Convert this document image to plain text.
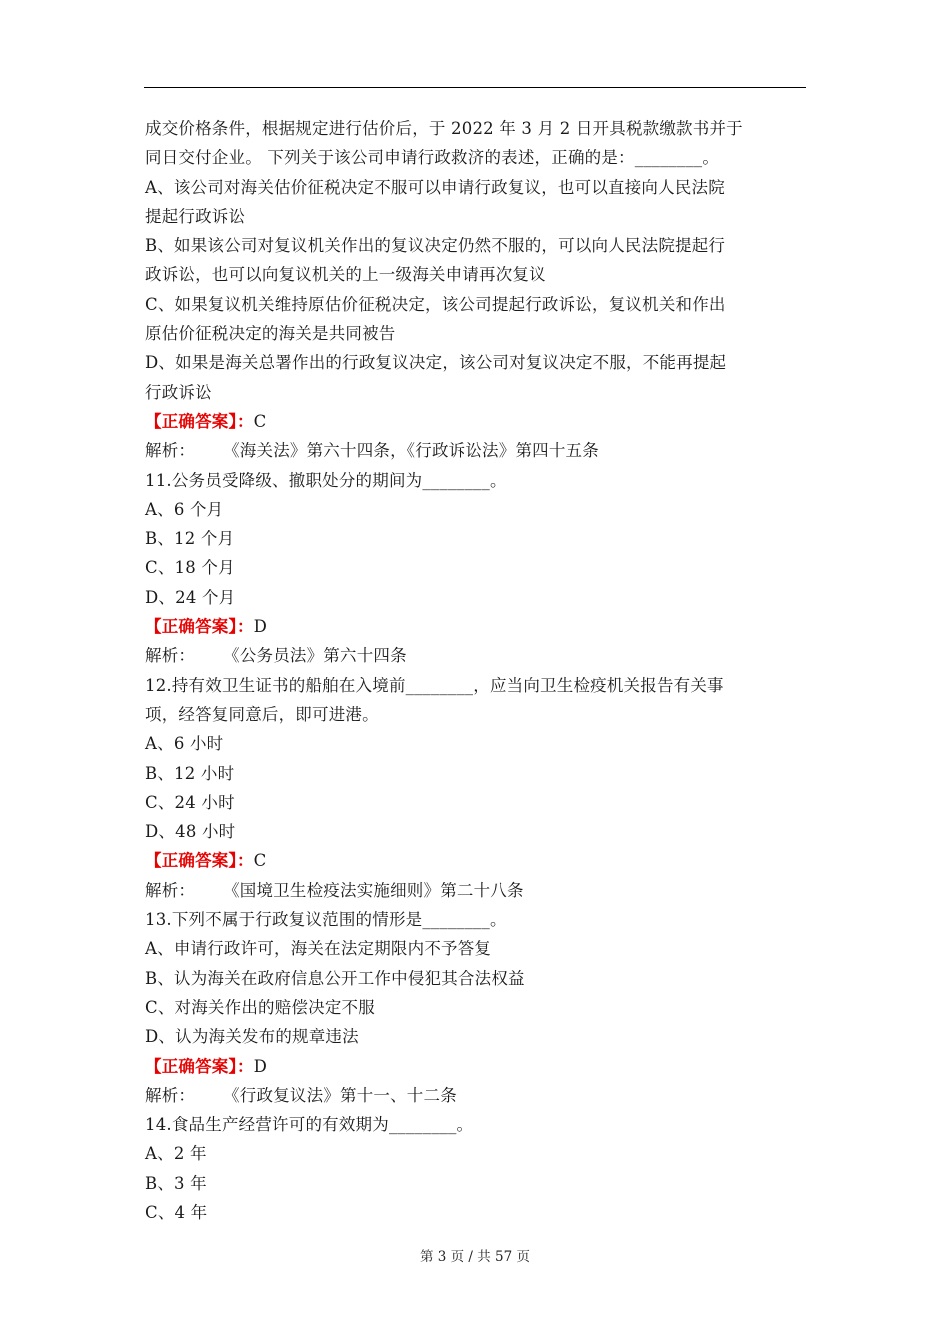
成交价格条件，根据规定进行估价后，于 2022 年 3 月 2 日开具税款缴款书并于
同日交付企业。 下列关于该公司申请行政救济的表述，正确的是：________。
A、该公司对海关估价征税决定不服可以申请行政复议，也可以直接向人民法院
提起行政诉讼
B、如果该公司对复议机关作出的复议决定仍然不服的，可以向人民法院提起行
政诉讼，也可以向复议机关的上一级海关申请再次复议
C、如果复议机关维持原估价征税决定，该公司提起行政诉讼，复议机关和作出
原估价征税决定的海关是共同被告
D、如果是海关总署作出的行政复议决定，该公司对复议决定不服，不能再提起
行政诉讼
【正确答案】：C
解析： 《海关法》第六十四条，《行政诉讼法》第四十五条
11.公务员受降级、撤职处分的期间为________。
A、6 个月
B、12 个月
C、18 个月
D、24 个月
【正确答案】：D
解析： 《公务员法》第六十四条
12.持有效卫生证书的船舶在入境前________，应当向卫生检疫机关报告有关事
项，经答复同意后，即可进港。
A、6 小时
B、12 小时
C、24 小时
D、48 小时
【正确答案】：C
解析： 《国境卫生检疫法实施细则》第二十八条
13.下列不属于行政复议范围的情形是________。
A、申请行政许可，海关在法定期限内不予答复
B、认为海关在政府信息公开工作中侵犯其合法权益
C、对海关作出的赔偿决定不服
D、认为海关发布的规章违法
【正确答案】：D
解析： 《行政复议法》第十一、十二条
14.食品生产经营许可的有效期为________。
A、2 年
B、3 年
C、4 年
第 3 页 / 共 57 页
